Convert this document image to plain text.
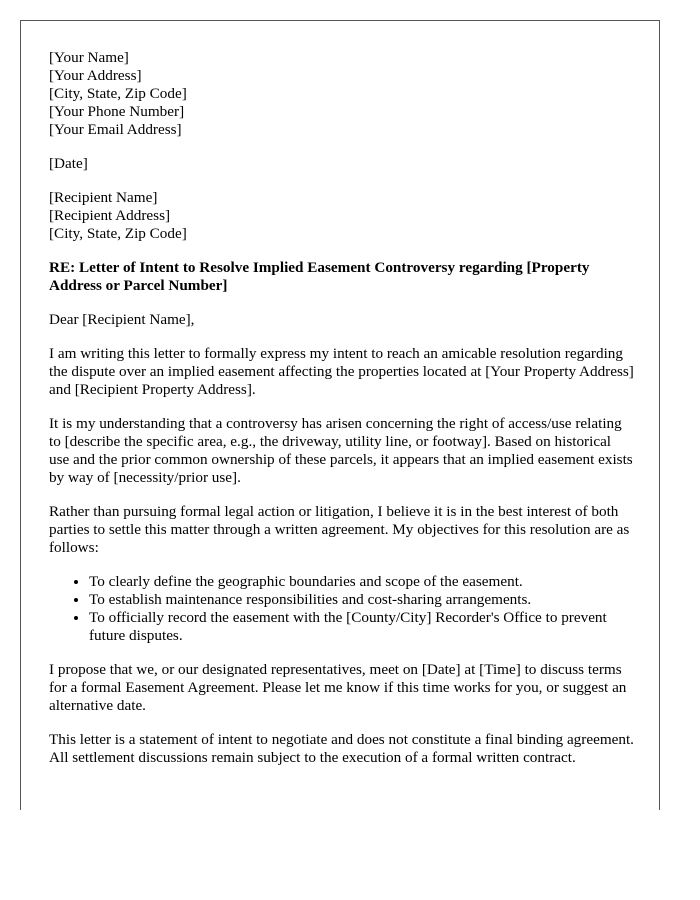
[Your Name]
[Your Address]
[City, State, Zip Code]
[Your Phone Number]
[Your Email Address]
[Date]
[Recipient Name]
[Recipient Address]
[City, State, Zip Code]
RE: Letter of Intent to Resolve Implied Easement Controversy regarding [Property Address or Parcel Number]

Dear [Recipient Name],

I am writing this letter to formally express my intent to reach an amicable resolution regarding the dispute over an implied easement affecting the properties located at [Your Property Address] and [Recipient Property Address].

It is my understanding that a controversy has arisen concerning the right of access/use relating to [describe the specific area, e.g., the driveway, utility line, or footway]. Based on historical use and the prior common ownership of these parcels, it appears that an implied easement exists by way of [necessity/prior use].

Rather than pursuing formal legal action or litigation, I believe it is in the best interest of both parties to settle this matter through a written agreement. My objectives for this resolution are as follows:

• To clearly define the geographic boundaries and scope of the easement.
• To establish maintenance responsibilities and cost-sharing arrangements.
• To officially record the easement with the [County/City] Recorder's Office to prevent future disputes.

I propose that we, or our designated representatives, meet on [Date] at [Time] to discuss terms for a formal Easement Agreement. Please let me know if this time works for you, or suggest an alternative date.

This letter is a statement of intent to negotiate and does not constitute a final binding agreement. All settlement discussions remain subject to the execution of a formal written contract.
